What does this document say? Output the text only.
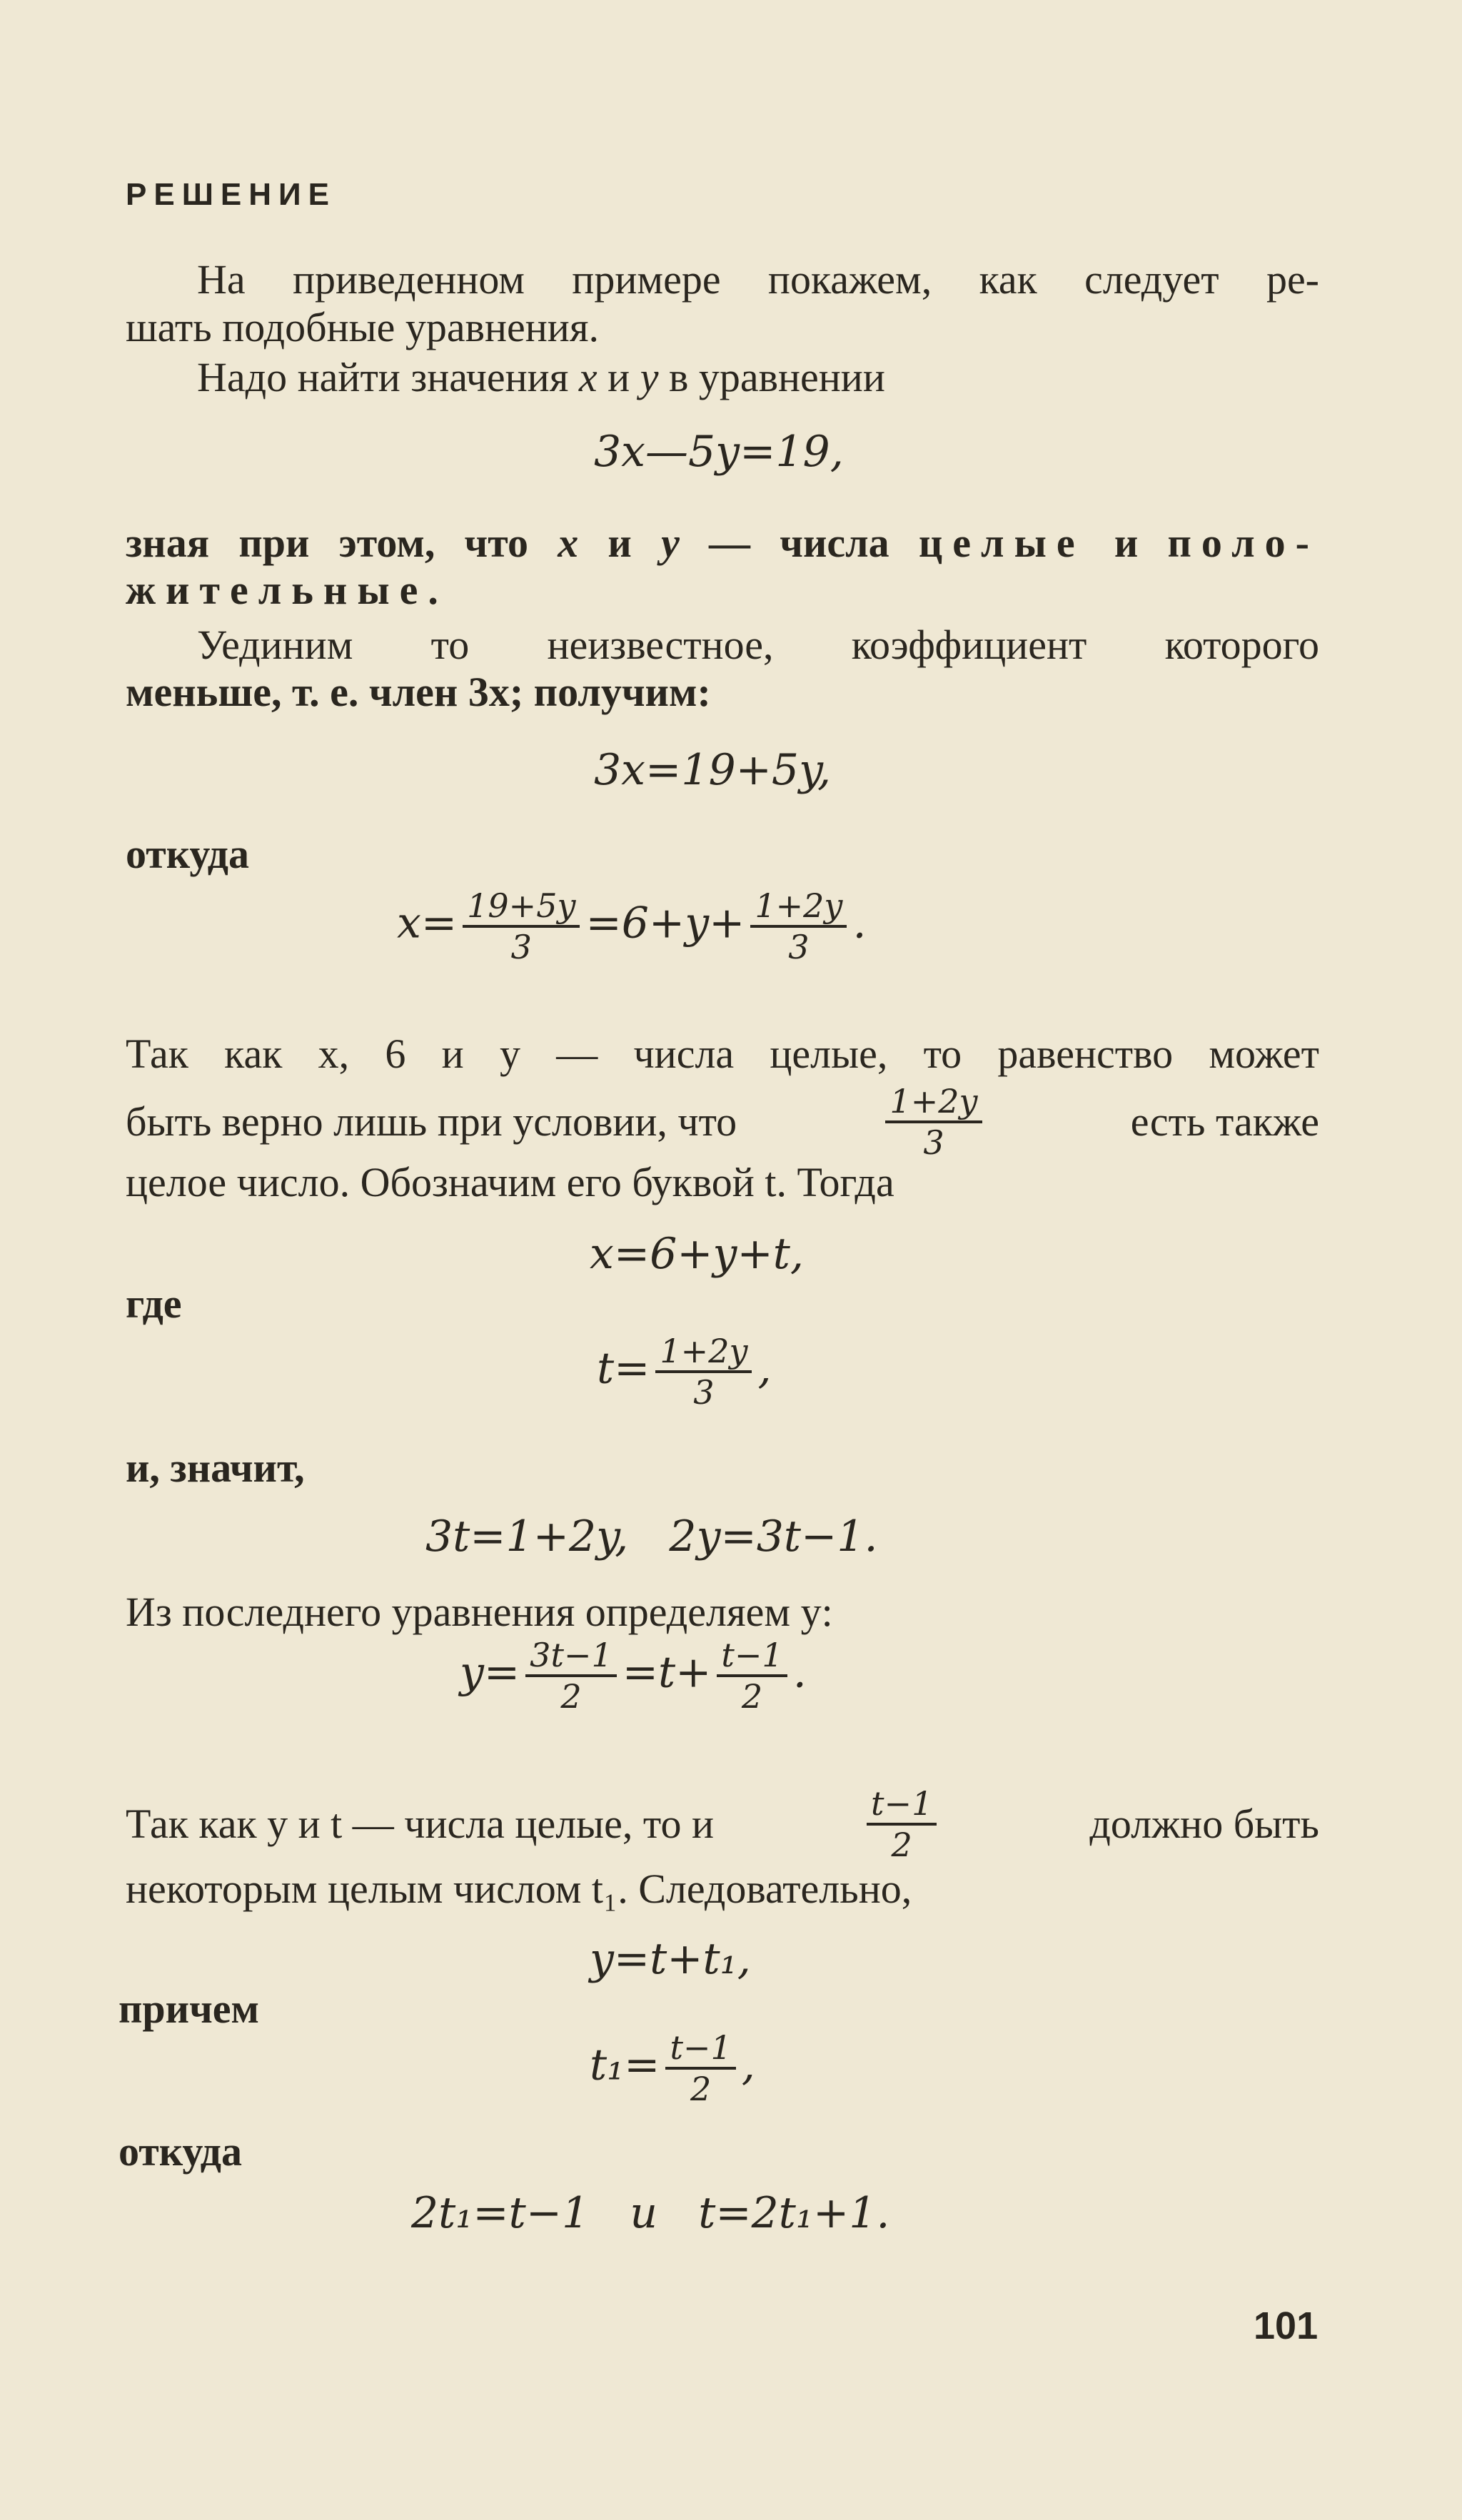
РЕШЕНИЕ
На приведенном примере покажем, как следует ре-
шать подобные уравнения.
Надо найти значения x и y в уравнении
3x—5y=19,
зная при этом, что x и y — числа целые и поло-
жительные.
Уединим то неизвестное, коэффициент которого
меньше, т. е. член 3x; получим:
3x=19+5y,
откуда
$x= \frac{19+5y}{3} =6+y+ \frac{1+2y}{3}$ .
Так как x, 6 и y — числа целые, то равенство может
быть верно лишь при условии, что	$\frac{1+2y}{3}$	есть также
целое число. Обозначим его буквой t. Тогда
x=6+y+t,
где
$t= \frac{1+2y}{3}$ ,
и, значит,
3t=1+2y,   2y=3t−1.
Из последнего уравнения определяем y:
$y= \frac{3t-1}{2} =t+ \frac{t-1}{2}$ .
Так как y и t — числа целые, то и	$\frac{t-1}{2}$	должно быть
некоторым целым числом t₁. Следовательно,
y=t+t₁,
причем
$t_1= \frac{t-1}{2}$ ,
откуда
2t₁=t−1   и   t=2t₁+1.
101
